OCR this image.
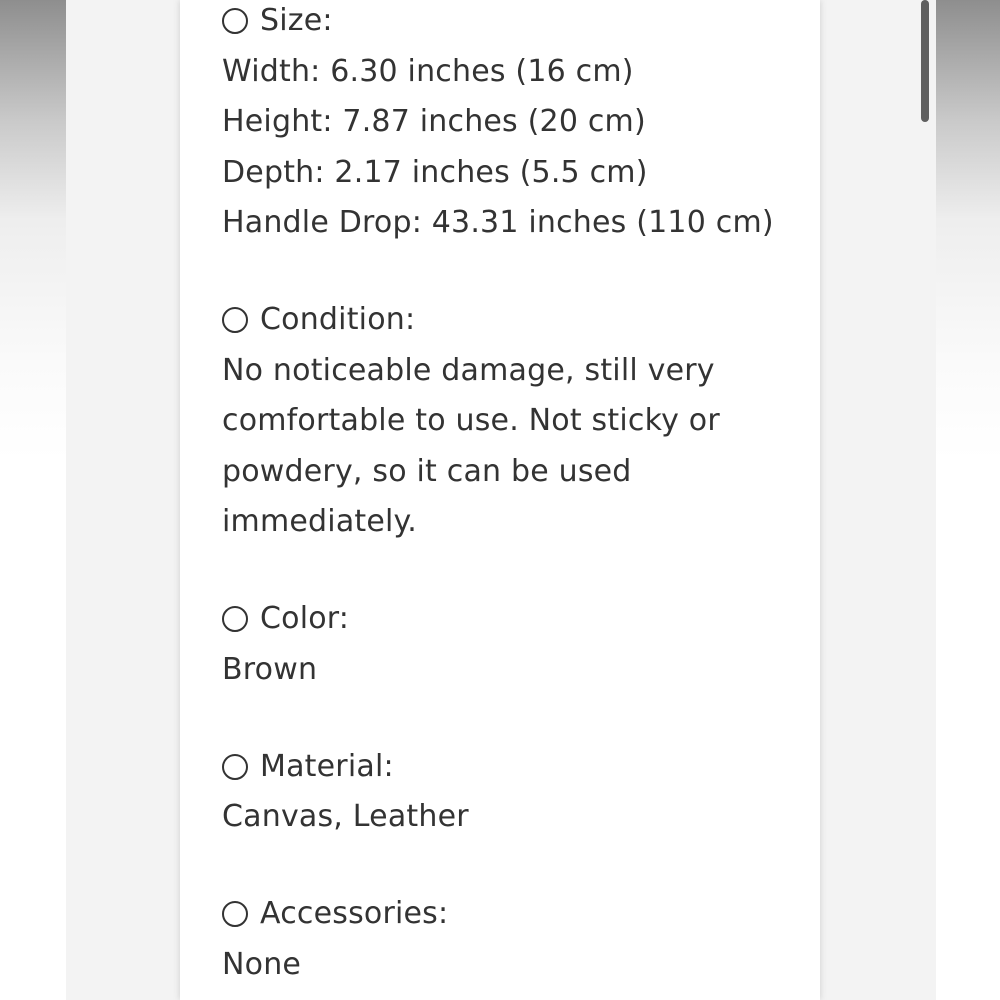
Size:
Width: 6.30 inches (16 cm)
Height: 7.87 inches (20 cm)
Depth: 2.17 inches (5.5 cm)
Handle Drop: 43.31 inches (110 cm)
Condition:
No noticeable damage, still very
comfortable to use. Not sticky or
powdery, so it can be used
immediately.
Color:
Brown
Material:
Canvas, Leather
Accessories:
None
